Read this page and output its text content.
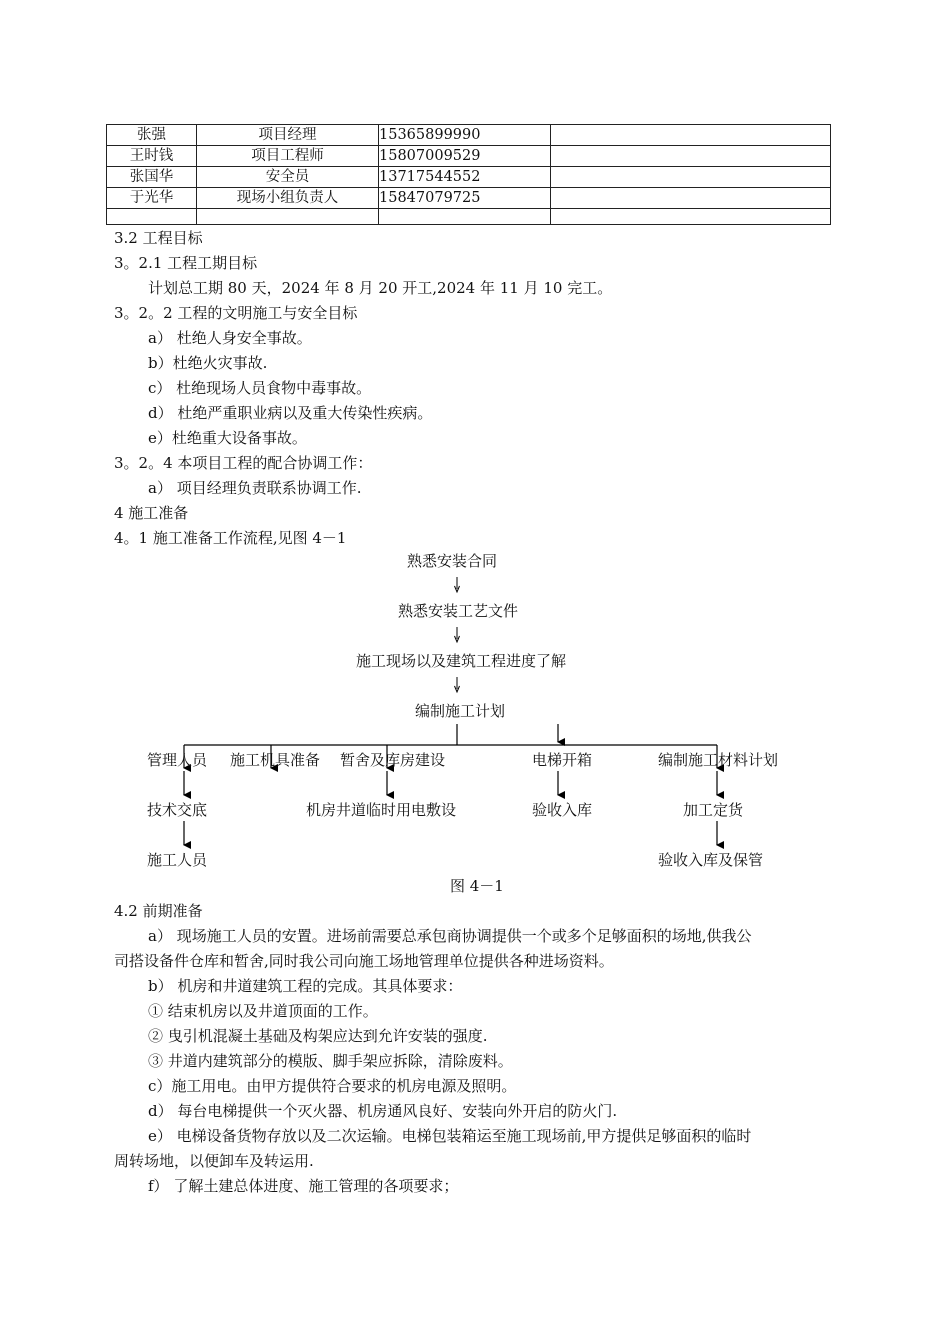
张强	项目经理	15365899990	
王时钱	项目工程师	15807009529	
张国华	安全员	13717544552	
于光华	现场小组负责人	15847079725	

3.2 工程目标
3。2.1 工程工期目标
计划总工期 80 天，2024 年 8 月 20 开工,2024 年 11 月 10 完工。
3。2。2 工程的文明施工与安全目标
a） 杜绝人身安全事故。
b）杜绝火灾事故.
c） 杜绝现场人员食物中毒事故。
d） 杜绝严重职业病以及重大传染性疾病。
e）杜绝重大设备事故。
3。2。4 本项目工程的配合协调工作：
a） 项目经理负责联系协调工作.
4 施工准备
4。1 施工准备工作流程,见图 4－1
熟悉安装合同
熟悉安装工艺文件
施工现场以及建筑工程进度了解
编制施工计划
管理人员 施工机具准备 暂舍及库房建设	电梯开箱	编制施工材料计划
技术交底	机房井道临时用电敷设	验收入库	加工定货
施工人员	验收入库及保管
图 4－1
4.2 前期准备
a） 现场施工人员的安置。进场前需要总承包商协调提供一个或多个足够面积的场地,供我公
司搭设备件仓库和暂舍,同时我公司向施工场地管理单位提供各种进场资料。
b） 机房和井道建筑工程的完成。其具体要求：
① 结束机房以及井道顶面的工作。
② 曳引机混凝土基础及构架应达到允许安装的强度.
③ 井道内建筑部分的模版、脚手架应拆除，清除废料。
c）施工用电。由甲方提供符合要求的机房电源及照明。
d） 每台电梯提供一个灭火器、机房通风良好、安装向外开启的防火门.
e） 电梯设备货物存放以及二次运输。电梯包装箱运至施工现场前,甲方提供足够面积的临时
周转场地，以便卸车及转运用.
f） 了解土建总体进度、施工管理的各项要求；
